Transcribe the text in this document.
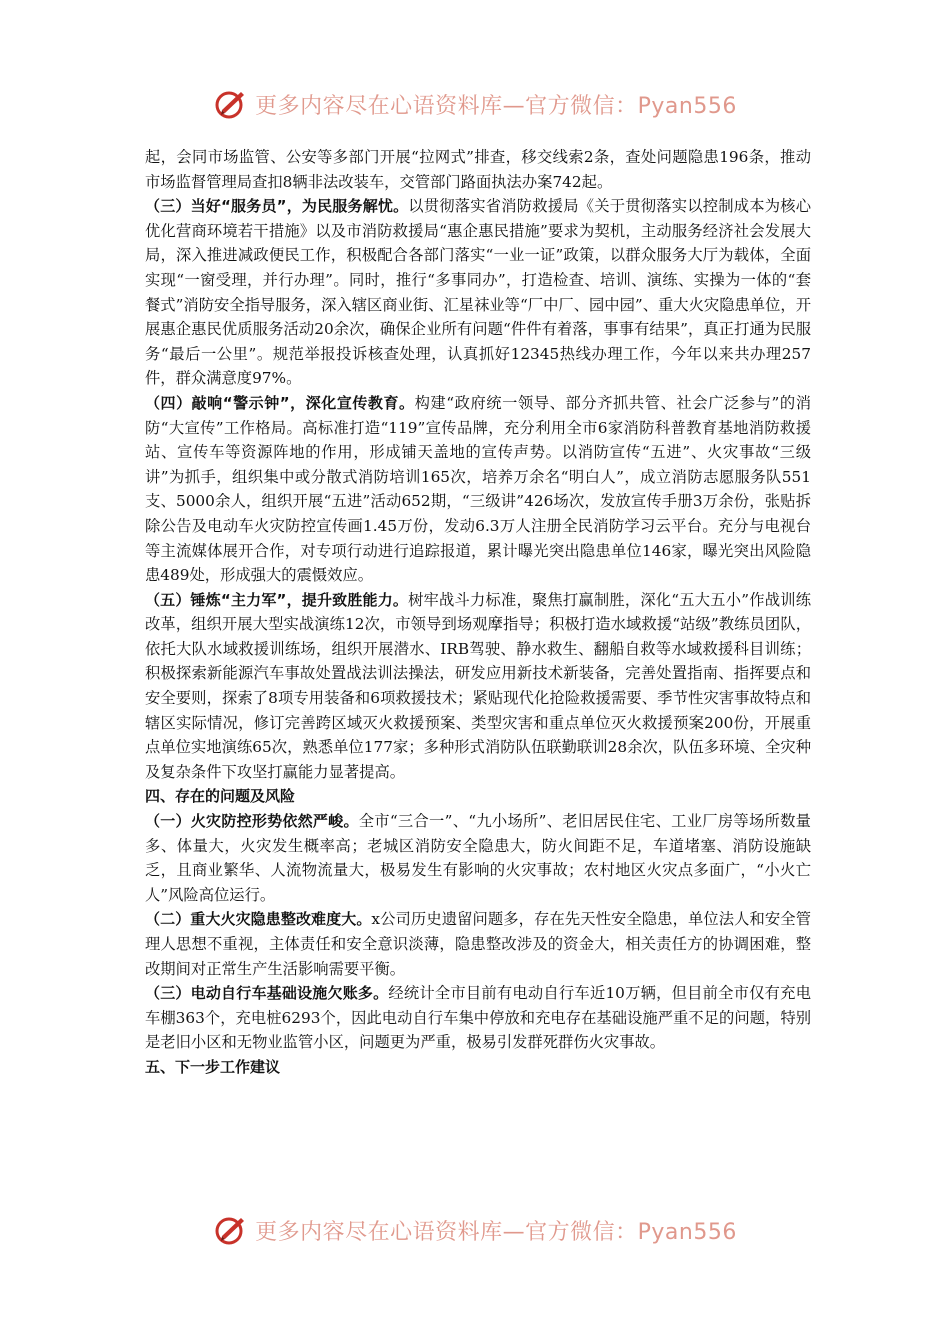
更多内容尽在心语资料库—官方微信：Pyan556

起，会同市场监管、公安等多部门开展“拉网式”排查，移交线索2条，查处问题隐患196条，推动市场监督管理局查扣8辆非法改装车，交管部门路面执法办案742起。

（三）当好“服务员”，为民服务解忧。以贯彻落实省消防救援局《关于贯彻落实以控制成本为核心优化营商环境若干措施》以及市消防救援局“惠企惠民措施”要求为契机，主动服务经济社会发展大局，深入推进减政便民工作，积极配合各部门落实“一业一证”政策，以群众服务大厅为载体，全面实现“一窗受理，并行办理”。同时，推行“多事同办”，打造检查、培训、演练、实操为一体的“套餐式”消防安全指导服务，深入辖区商业街、汇星袜业等“厂中厂、园中园”、重大火灾隐患单位，开展惠企惠民优质服务活动20余次，确保企业所有问题“件件有着落，事事有结果”，真正打通为民服务“最后一公里”。规范举报投诉核查处理，认真抓好12345热线办理工作，今年以来共办理257件，群众满意度97%。

（四）敲响“警示钟”，深化宣传教育。构建“政府统一领导、部分齐抓共管、社会广泛参与”的消防“大宣传”工作格局。高标准打造“119”宣传品牌，充分利用全市6家消防科普教育基地消防救援站、宣传车等资源阵地的作用，形成铺天盖地的宣传声势。以消防宣传“五进”、火灾事故“三级讲”为抓手，组织集中或分散式消防培训165次，培养万余名“明白人”，成立消防志愿服务队551支、5000余人，组织开展“五进”活动652期，“三级讲”426场次，发放宣传手册3万余份，张贴拆除公告及电动车火灾防控宣传画1.45万份，发动6.3万人注册全民消防学习云平台。充分与电视台等主流媒体展开合作，对专项行动进行追踪报道，累计曝光突出隐患单位146家，曝光突出风险隐患489处，形成强大的震慑效应。

（五）锤炼“主力军”，提升致胜能力。树牢战斗力标准，聚焦打赢制胜，深化“五大五小”作战训练改革，组织开展大型实战演练12次，市领导到场观摩指导；积极打造水域救援“站级”教练员团队，依托大队水域救援训练场，组织开展潜水、IRB驾驶、静水救生、翻船自救等水域救援科目训练；积极探索新能源汽车事故处置战法训法操法，研发应用新技术新装备，完善处置指南、指挥要点和安全要则，探索了8项专用装备和6项救援技术；紧贴现代化抢险救援需要、季节性灾害事故特点和辖区实际情况，修订完善跨区域灭火救援预案、类型灾害和重点单位灭火救援预案200份，开展重点单位实地演练65次，熟悉单位177家；多种形式消防队伍联勤联训28余次，队伍多环境、全灾种及复杂条件下攻坚打赢能力显著提高。

四、存在的问题及风险

（一）火灾防控形势依然严峻。全市“三合一”、“九小场所”、老旧居民住宅、工业厂房等场所数量多、体量大，火灾发生概率高；老城区消防安全隐患大，防火间距不足，车道堵塞、消防设施缺乏，且商业繁华、人流物流量大，极易发生有影响的火灾事故；农村地区火灾点多面广，“小火亡人”风险高位运行。

（二）重大火灾隐患整改难度大。x公司历史遗留问题多，存在先天性安全隐患，单位法人和安全管理人思想不重视，主体责任和安全意识淡薄，隐患整改涉及的资金大，相关责任方的协调困难，整改期间对正常生产生活影响需要平衡。

（三）电动自行车基础设施欠账多。经统计全市目前有电动自行车近10万辆，但目前全市仅有充电车棚363个，充电桩6293个，因此电动自行车集中停放和充电存在基础设施严重不足的问题，特别是老旧小区和无物业监管小区，问题更为严重，极易引发群死群伤火灾事故。

五、下一步工作建议
更多内容尽在心语资料库—官方微信：Pyan556
